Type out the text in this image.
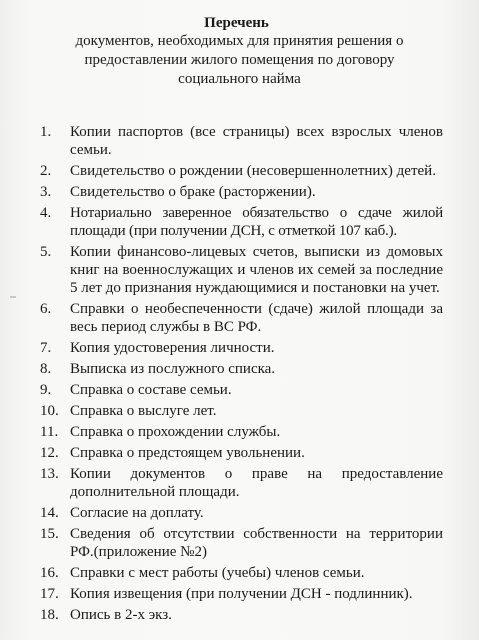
Перечень
документов, необходимых для принятия решения о
предоставлении жилого помещения по договору
социального найма
1.	Копии паспортов (все страницы) всех взрослых членов семьи.
2.	Свидетельство о рождении (несовершеннолетних) детей.
3.	Свидетельство о браке (расторжении).
4.	Нотариально заверенное обязательство о сдаче жилой площади (при получении ДСН, с отметкой 107 каб.).
5.	Копии финансово-лицевых счетов, выписки из домовых книг на военнослужащих и членов их семей за последние 5 лет до признания нуждающимися и постановки на учет.
6.	Справки о необеспеченности (сдаче) жилой площади за весь период службы в ВС РФ.
7.	Копия удостоверения личности.
8.	Выписка из послужного списка.
9.	Справка о составе семьи.
10. Справка о выслуге лет.
11. Справка о прохождении службы.
12. Справка о предстоящем увольнении.
13. Копии документов о праве на предоставление дополнительной площади.
14. Согласие на доплату.
15. Сведения об отсутствии собственности на территории РФ.(приложение №2)
16. Справки с мест работы (учебы) членов семьи.
17. Копия извещения (при получении ДСН - подлинник).
18. Опись в 2-х экз.
